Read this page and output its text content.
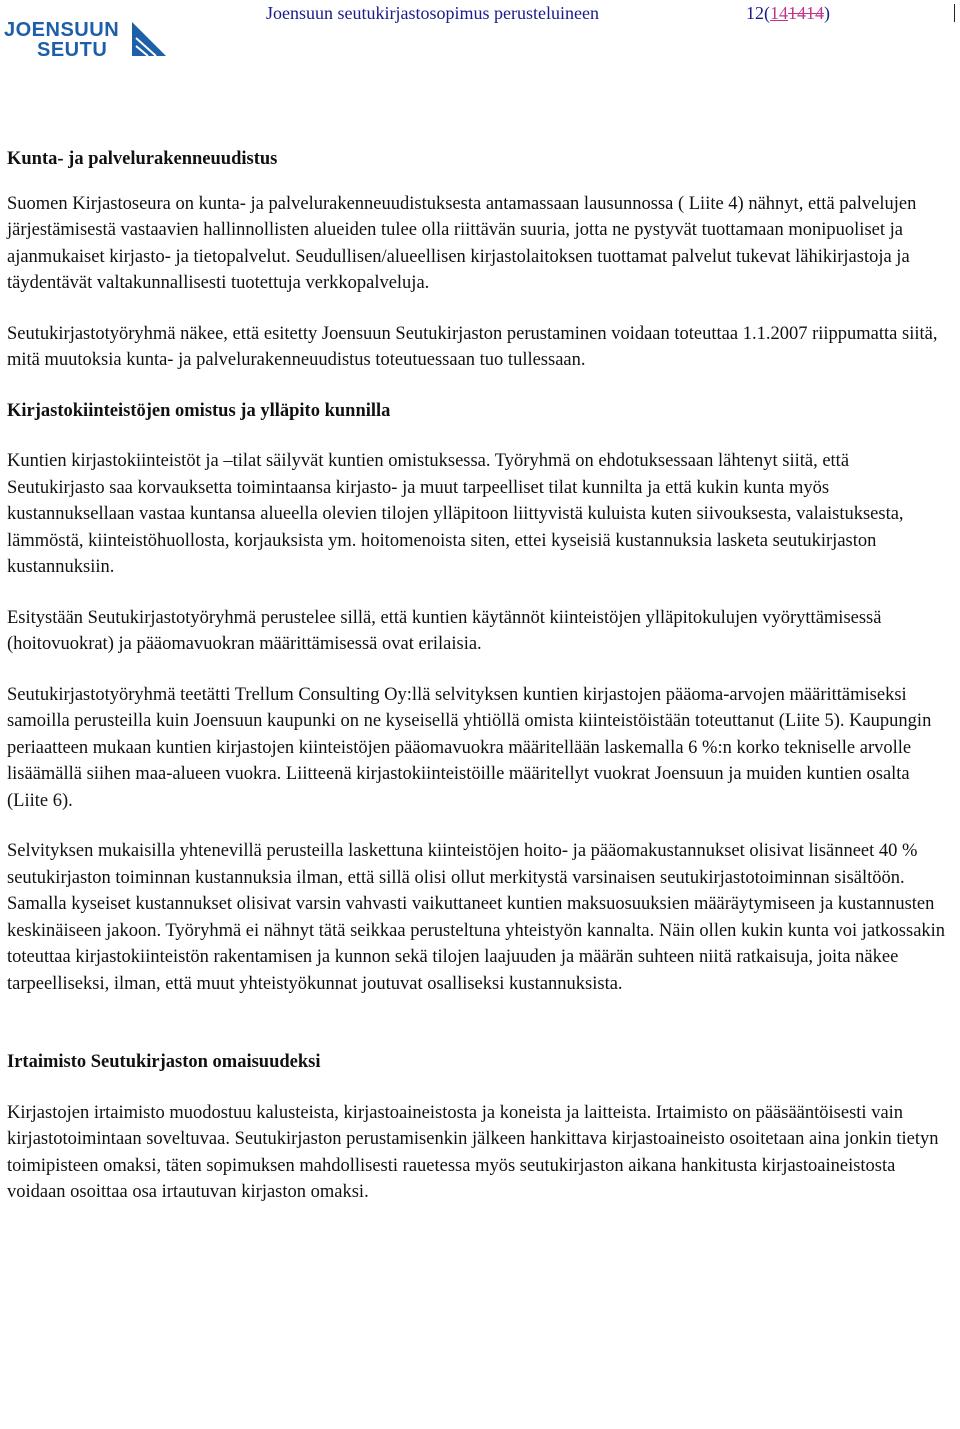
JOENSUUN
SEUTU
Joensuun seutukirjastosopimus perusteluineen	12(141414)
Kunta- ja palvelurakenneuudistus

Suomen Kirjastoseura on kunta- ja palvelurakenneuudistuksesta antamassaan lausunnossa ( Liite 4) nähnyt, että palvelujen järjestämisestä vastaavien hallinnollisten alueiden tulee olla riittävän suuria, jotta ne pystyvät tuottamaan monipuoliset ja ajanmukaiset kirjasto- ja tietopalvelut. Seudullisen/alueellisen kirjastolaitoksen tuottamat palvelut tukevat lähikirjastoja ja täydentävät valtakunnallisesti tuotettuja verkkopalveluja.

Seutukirjastotyöryhmä näkee, että esitetty Joensuun Seutukirjaston perustaminen voidaan toteuttaa 1.1.2007 riippumatta siitä, mitä muutoksia kunta- ja palvelurakenneuudistus toteutuessaan tuo tullessaan.

Kirjastokiinteistöjen omistus ja ylläpito kunnilla

Kuntien kirjastokiinteistöt ja –tilat säilyvät kuntien omistuksessa. Työryhmä on ehdotuksessaan lähtenyt siitä, että Seutukirjasto saa korvauksetta toimintaansa kirjasto- ja muut tarpeelliset tilat kunnilta ja että kukin kunta myös kustannuksellaan vastaa kuntansa alueella olevien tilojen ylläpitoon liittyvistä kuluista kuten siivouksesta, valaistuksesta, lämmöstä, kiinteistöhuollosta, korjauksista ym. hoitomenoista siten, ettei kyseisiä kustannuksia lasketa seutukirjaston kustannuksiin.

Esitystään Seutukirjastotyöryhmä perustelee sillä, että kuntien käytännöt kiinteistöjen ylläpitokulujen vyöryttämisessä (hoitovuokrat) ja pääomavuokran määrittämisessä ovat erilaisia.

Seutukirjastotyöryhmä teetätti Trellum Consulting Oy:llä selvityksen kuntien kirjastojen pääoma-arvojen määrittämiseksi samoilla perusteilla kuin Joensuun kaupunki on ne kyseisellä yhtiöllä omista kiinteistöistään toteuttanut (Liite 5). Kaupungin periaatteen mukaan kuntien kirjastojen kiinteistöjen pääomavuokra määritellään laskemalla 6 %:n korko tekniselle arvolle lisäämällä siihen maa-alueen vuokra. Liitteenä kirjastokiinteistöille määritellyt vuokrat Joensuun ja muiden kuntien osalta (Liite 6).

Selvityksen mukaisilla yhtenevillä perusteilla laskettuna kiinteistöjen hoito- ja pääomakustannukset olisivat lisänneet 40 % seutukirjaston toiminnan kustannuksia ilman, että sillä olisi ollut merkitystä varsinaisen seutukirjastotoiminnan sisältöön. Samalla kyseiset kustannukset olisivat varsin vahvasti vaikuttaneet kuntien maksuosuuksien määräytymiseen ja kustannusten keskinäiseen jakoon. Työryhmä ei nähnyt tätä seikkaa perusteltuna yhteistyön kannalta. Näin ollen kukin kunta voi jatkossakin toteuttaa kirjastokiinteistön rakentamisen ja kunnon sekä tilojen laajuuden ja määrän suhteen niitä ratkaisuja, joita näkee tarpeelliseksi, ilman, että muut yhteistyökunnat joutuvat osalliseksi kustannuksista.

Irtaimisto Seutukirjaston omaisuudeksi

Kirjastojen irtaimisto muodostuu kalusteista, kirjastoaineistosta ja koneista ja laitteista. Irtaimisto on pääsääntöisesti vain kirjastotoimintaan soveltuvaa. Seutukirjaston perustamisenkin jälkeen hankittava kirjastoaineisto osoitetaan aina jonkin tietyn toimipisteen omaksi, täten sopimuksen mahdollisesti rauetessa myös seutukirjaston aikana hankitusta kirjastoaineistosta voidaan osoittaa osa irtautuvan kirjaston omaksi.
